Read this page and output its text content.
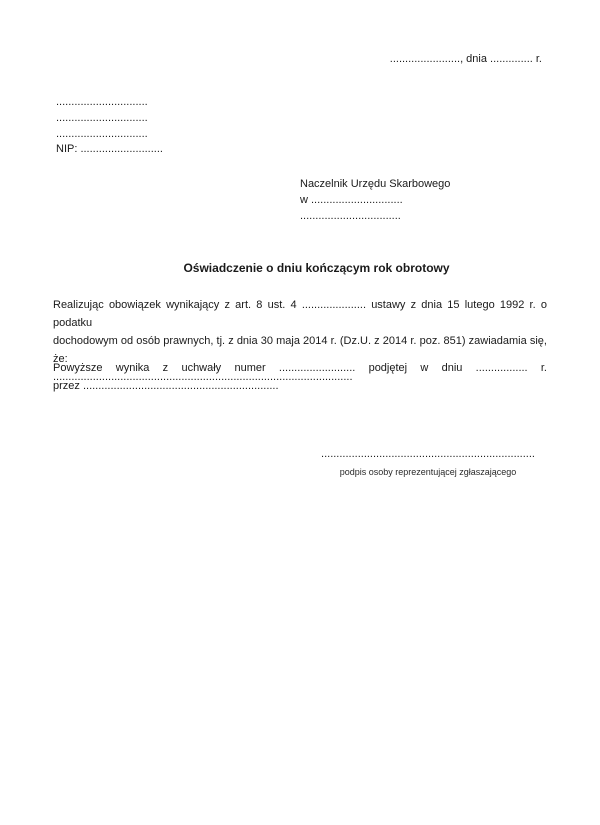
......................., dnia .............. r.
..............................
..............................
..............................
NIP: ...........................
Naczelnik Urzędu Skarbowego
w ..............................
.................................
Oświadczenie o dniu kończącym rok obrotowy
Realizując obowiązek wynikający z art. 8 ust. 4 ..................... ustawy z dnia 15 lutego 1992 r. o podatku
dochodowym od osób prawnych, tj. z dnia 30 maja 2014 r. (Dz.U. z 2014 r. poz. 851) zawiadamia się, że:
..................................................................................................
Powyższe wynika z uchwały numer ......................... podjętej w dniu ................. r.
przez ................................................................
......................................................................
podpis osoby reprezentującej zgłaszającego
